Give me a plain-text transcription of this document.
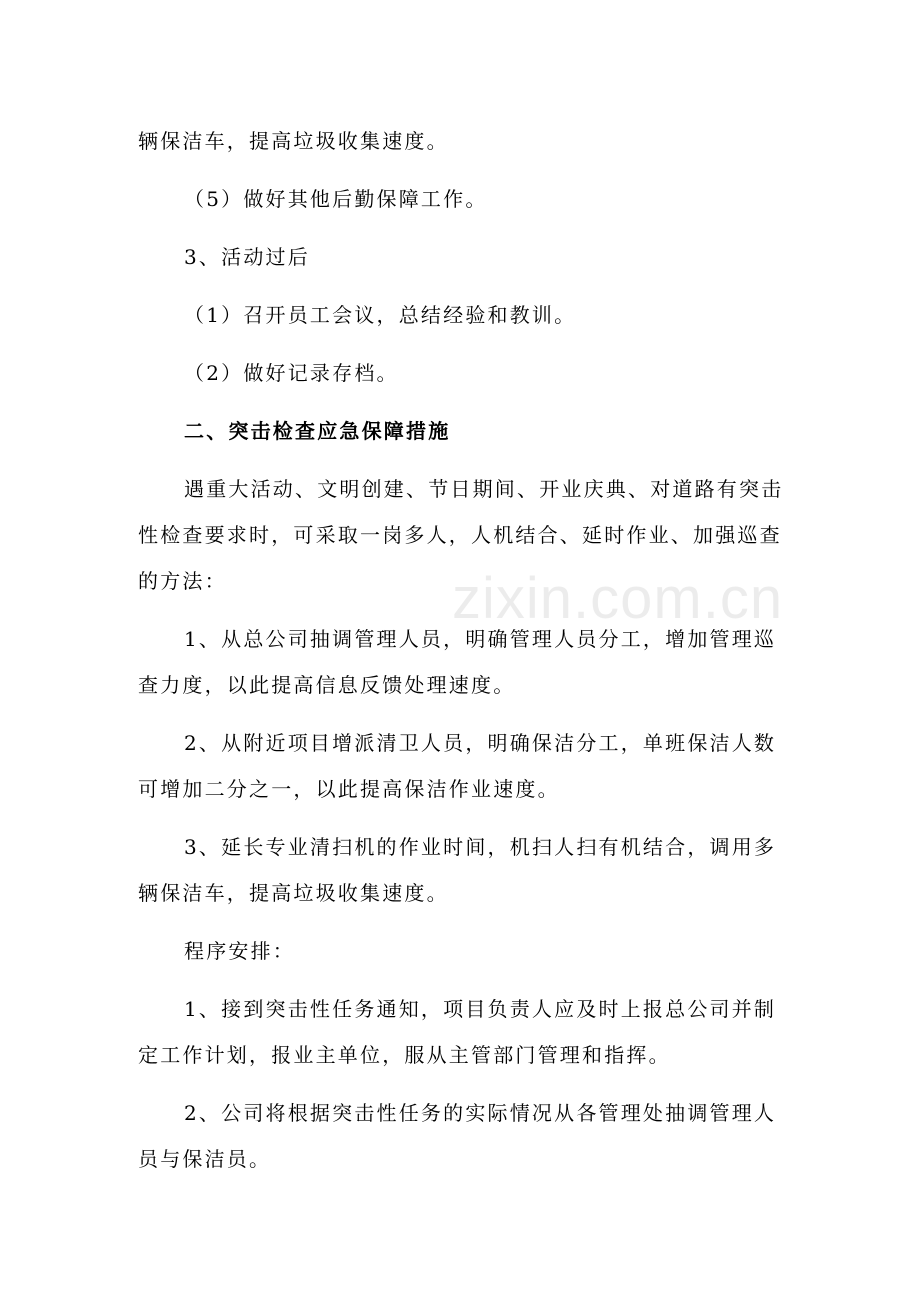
辆保洁车，提高垃圾收集速度。

（5）做好其他后勤保障工作。

3、活动过后

（1）召开员工会议，总结经验和教训。

（2）做好记录存档。

二、突击检查应急保障措施

遇重大活动、文明创建、节日期间、开业庆典、对道路有突击性检查要求时，可采取一岗多人，人机结合、延时作业、加强巡查的方法：

1、从总公司抽调管理人员，明确管理人员分工，增加管理巡查力度，以此提高信息反馈处理速度。

2、从附近项目增派清卫人员，明确保洁分工，单班保洁人数可增加二分之一，以此提高保洁作业速度。

3、延长专业清扫机的作业时间，机扫人扫有机结合，调用多辆保洁车，提高垃圾收集速度。

程序安排：

1、接到突击性任务通知，项目负责人应及时上报总公司并制定工作计划，报业主单位，服从主管部门管理和指挥。

2、公司将根据突击性任务的实际情况从各管理处抽调管理人员与保洁员。

zixin.com.cn
